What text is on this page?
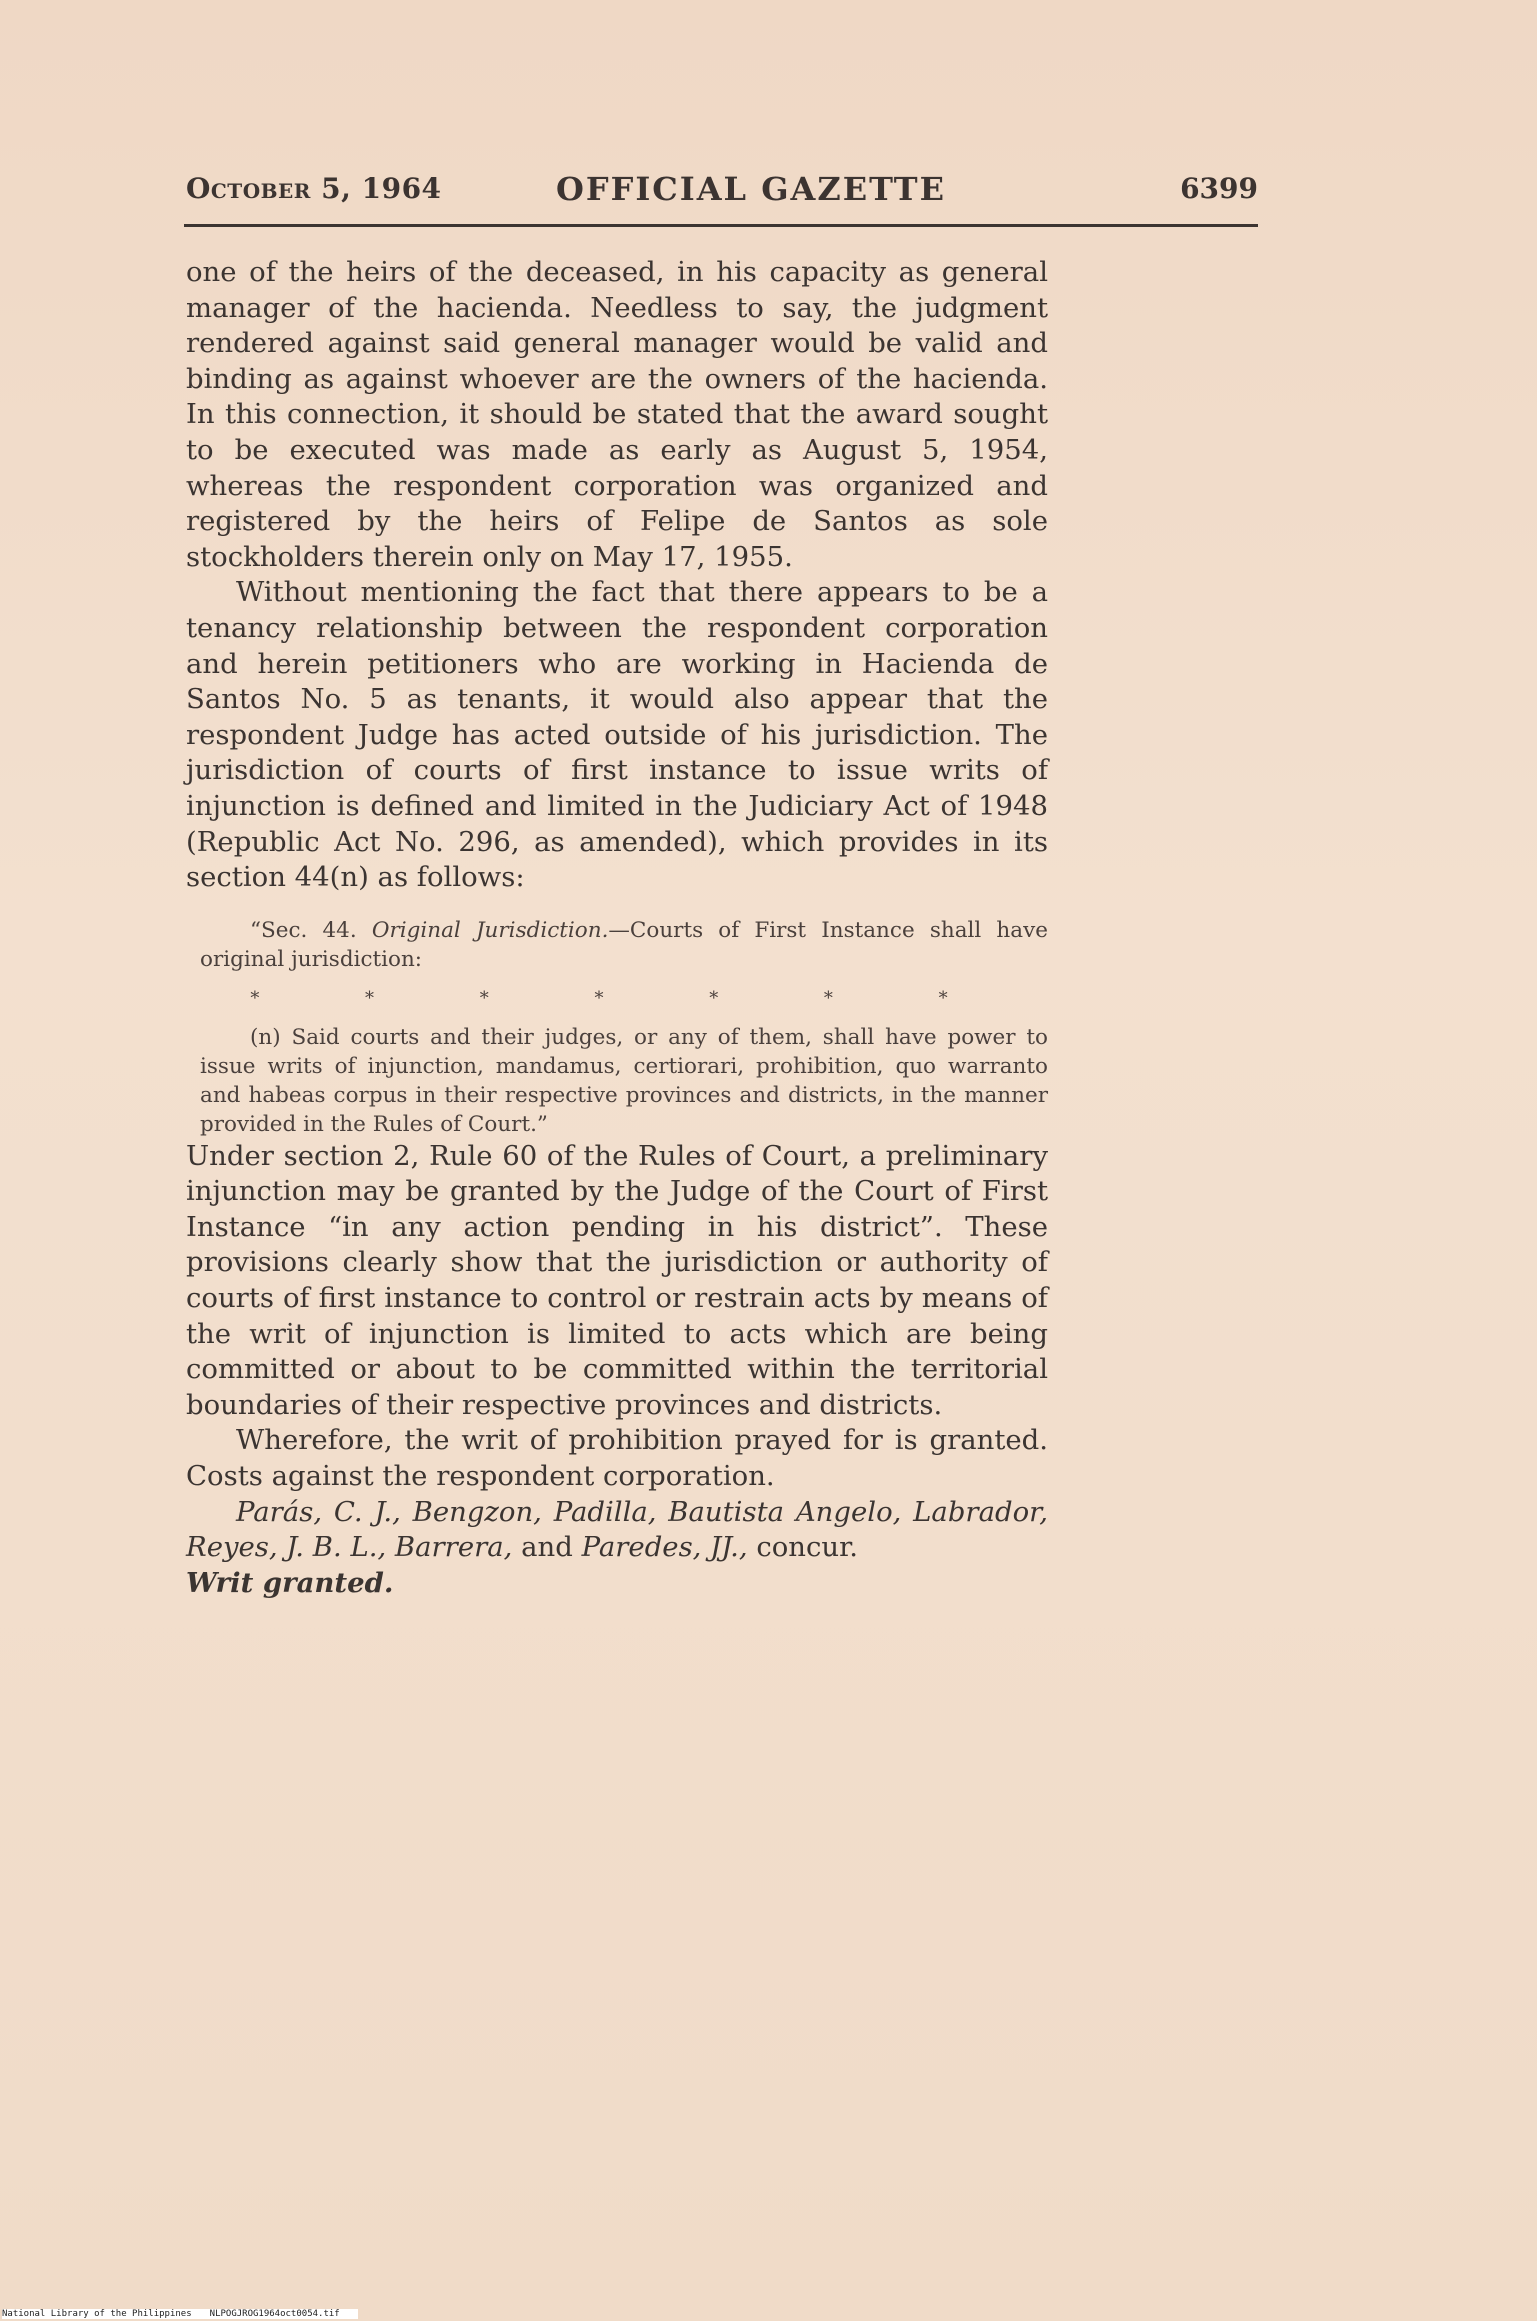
October 5, 1964	OFFICIAL GAZETTE	6399

one of the heirs of the deceased, in his capacity as general manager of the hacienda. Needless to say, the judgment rendered against said general manager would be valid and binding as against whoever are the owners of the hacienda. In this connection, it should be stated that the award sought to be executed was made as early as August 5, 1954, whereas the respondent corporation was organized and registered by the heirs of Felipe de Santos as sole stockholders therein only on May 17, 1955.

Without mentioning the fact that there appears to be a tenancy relationship between the respondent corporation and herein petitioners who are working in Hacienda de Santos No. 5 as tenants, it would also appear that the respondent Judge has acted outside of his jurisdiction. The jurisdiction of courts of first instance to issue writs of injunction is defined and limited in the Judiciary Act of 1948 (Republic Act No. 296, as amended), which provides in its section 44(n) as follows:

“Sec. 44. Original Jurisdiction.—Courts of First Instance shall have original jurisdiction:

* * * * * * *

(n) Said courts and their judges, or any of them, shall have power to issue writs of injunction, mandamus, certiorari, prohibition, quo warranto and habeas corpus in their respective provinces and districts, in the manner provided in the Rules of Court.”

Under section 2, Rule 60 of the Rules of Court, a preliminary injunction may be granted by the Judge of the Court of First Instance “in any action pending in his district”. These provisions clearly show that the jurisdiction or authority of courts of first instance to control or restrain acts by means of the writ of injunction is limited to acts which are being committed or about to be committed within the territorial boundaries of their respective provinces and districts.

Wherefore, the writ of prohibition prayed for is granted. Costs against the respondent corporation.

Parás, C. J., Bengzon, Padilla, Bautista Angelo, Labrador, Reyes, J. B. L., Barrera, and Paredes, JJ., concur.

Writ granted.

National Library of the Philippines NLPOGJROG1964oct0054.tif
